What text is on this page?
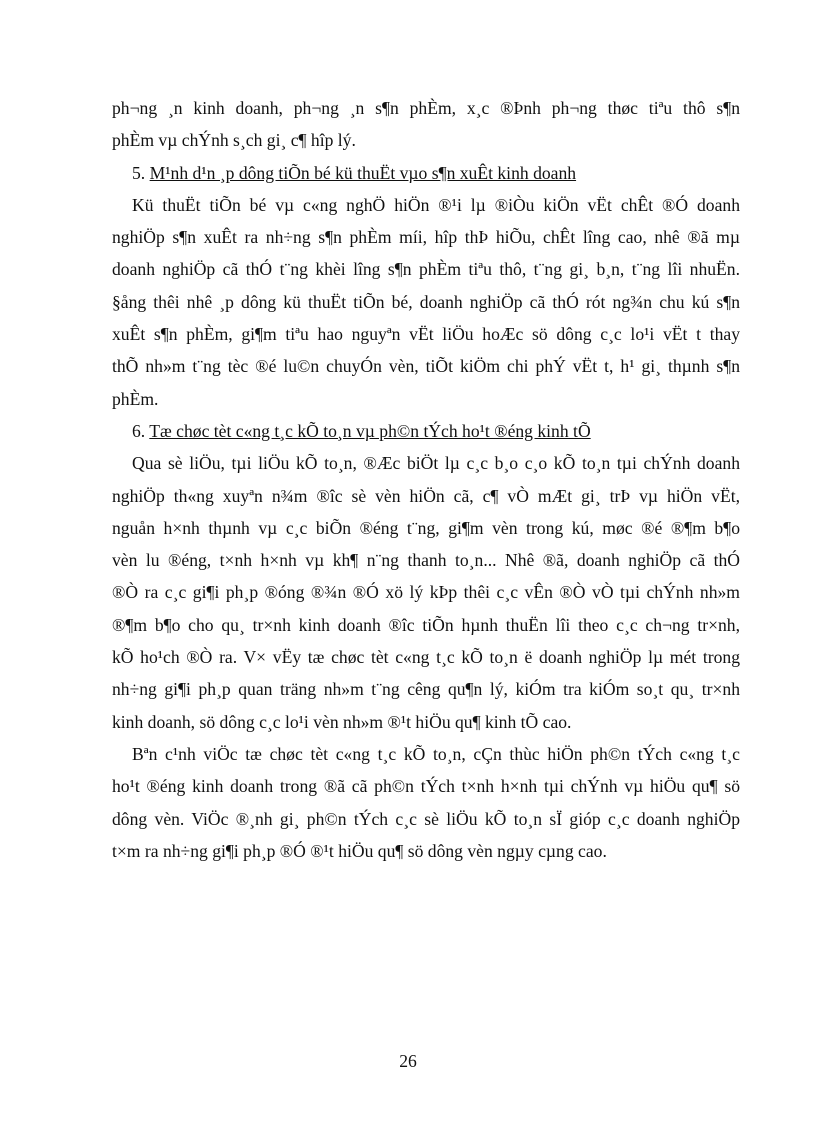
ph¬ng ¸n kinh doanh, ph¬ng ¸n s¶n phÈm, x¸c ®Þnh ph¬ng thøc tiªu thô s¶n
phÈm vµ chÝnh s¸ch gi¸ c¶ hîp lý.
5. M¹nh d¹n ¸p dông tiÕn bé kü thuËt vµo s¶n xuÊt kinh doanh
Kü thuËt tiÕn bé vµ c«ng nghÖ hiÖn ®¹i lµ ®iÒu kiÖn vËt chÊt ®Ó doanh
nghiÖp s¶n xuÊt ra nh÷ng s¶n phÈm míi, hîp thÞ hiÕu, chÊt lîng cao, nhê ®ã mµ
doanh nghiÖp cã thÓ t¨ng khèi lîng s¶n phÈm tiªu thô, t¨ng gi¸ b¸n, t¨ng lîi nhuËn.
§ång thêi nhê ¸p dông kü thuËt tiÕn bé, doanh nghiÖp cã thÓ rót ng¾n chu kú s¶n
xuÊt s¶n phÈm, gi¶m tiªu hao nguyªn vËt liÖu hoÆc sö dông c¸c lo¹i vËt t thay
thÕ nh»m t¨ng tèc ®é lu©n chuyÓn vèn, tiÕt kiÖm chi phÝ vËt t, h¹ gi¸ thµnh s¶n
phÈm.
6. Tæ chøc tèt c«ng t¸c kÕ to¸n vµ ph©n tÝch ho¹t ®éng kinh tÕ
Qua sè liÖu, tµi liÖu kÕ to¸n, ®Æc biÖt lµ c¸c b¸o c¸o kÕ to¸n tµi chÝnh doanh
nghiÖp th«ng xuyªn n¾m ®îc sè vèn hiÖn cã, c¶ vÒ mÆt gi¸ trÞ vµ hiÖn vËt,
nguån h×nh thµnh vµ c¸c biÕn ®éng t¨ng, gi¶m vèn trong kú, møc ®é ®¶m b¶o
vèn lu ®éng, t×nh h×nh vµ kh¶ n¨ng thanh to¸n... Nhê ®ã, doanh nghiÖp cã thÓ
®Ò ra c¸c gi¶i ph¸p ®óng ®¾n ®Ó xö lý kÞp thêi c¸c vÊn ®Ò vÒ tµi chÝnh nh»m
®¶m b¶o cho qu¸ tr×nh kinh doanh ®îc tiÕn hµnh thuËn lîi theo c¸c ch¬ng tr×nh,
kÕ ho¹ch ®Ò ra. V× vËy tæ chøc tèt c«ng t¸c kÕ to¸n ë doanh nghiÖp lµ mét trong
nh÷ng gi¶i ph¸p quan träng nh»m t¨ng cêng qu¶n lý, kiÓm tra kiÓm so¸t qu¸ tr×nh
kinh doanh, sö dông c¸c lo¹i vèn nh»m ®¹t hiÖu qu¶ kinh tÕ cao.
Bªn c¹nh viÖc tæ chøc tèt c«ng t¸c kÕ to¸n, cÇn thùc hiÖn ph©n tÝch c«ng t¸c
ho¹t ®éng kinh doanh trong ®ã cã ph©n tÝch t×nh h×nh tµi chÝnh vµ hiÖu qu¶ sö
dông vèn. ViÖc ®¸nh gi¸ ph©n tÝch c¸c sè liÖu kÕ to¸n sÏ gióp c¸c doanh nghiÖp
t×m ra nh÷ng gi¶i ph¸p ®Ó ®¹t hiÖu qu¶ sö dông vèn ngµy cµng cao.
26
